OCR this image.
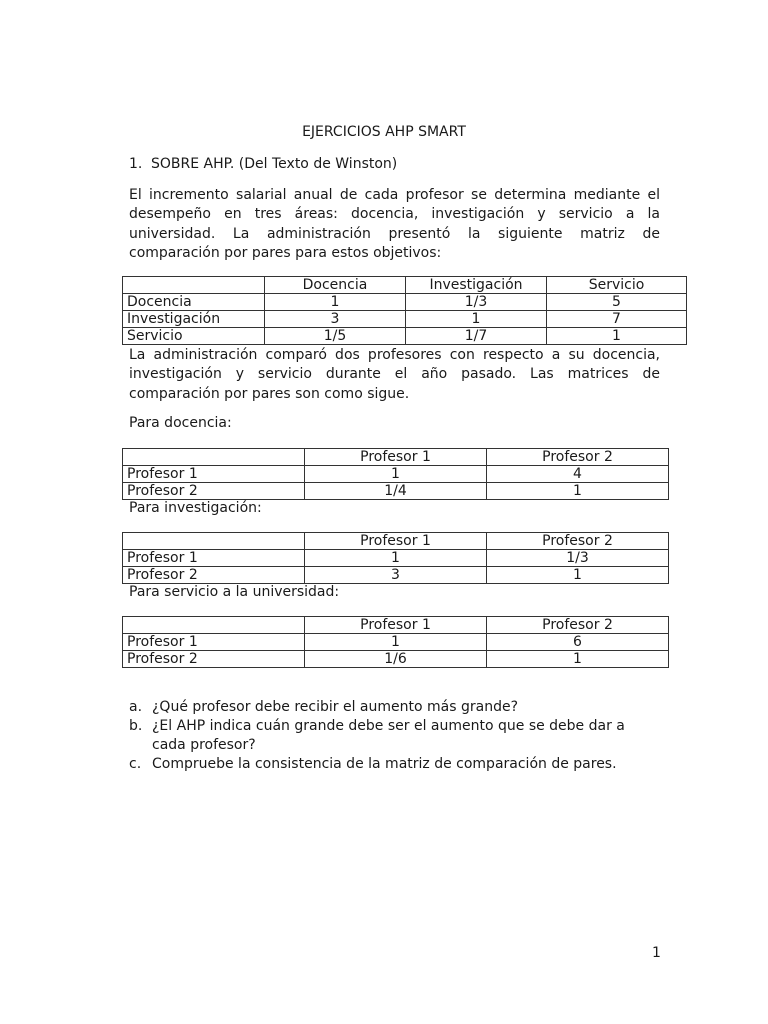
EJERCICIOS AHP SMART
1. SOBRE AHP. (Del Texto de Winston)

El incremento salarial anual de cada profesor se determina mediante el desempeño en tres áreas: docencia, investigación y servicio a la universidad. La administración presentó la siguiente matriz de comparación por pares para estos objetivos:

	Docencia	Investigación	Servicio
Docencia	1	1/3	5
Investigación	3	1	7
Servicio	1/5	1/7	1

La administración comparó dos profesores con respecto a su docencia, investigación y servicio durante el año pasado. Las matrices de comparación por pares son como sigue.

Para docencia:
	Profesor 1	Profesor 2
Profesor 1	1	4
Profesor 2	1/4	1
Para investigación:
	Profesor 1	Profesor 2
Profesor 1	1	1/3
Profesor 2	3	1
Para servicio a la universidad:
	Profesor 1	Profesor 2
Profesor 1	1	6
Profesor 2	1/6	1
a. ¿Qué profesor debe recibir el aumento más grande?
b. ¿El AHP indica cuán grande debe ser el aumento que se debe dar a cada profesor?
c. Compruebe la consistencia de la matriz de comparación de pares.
1
